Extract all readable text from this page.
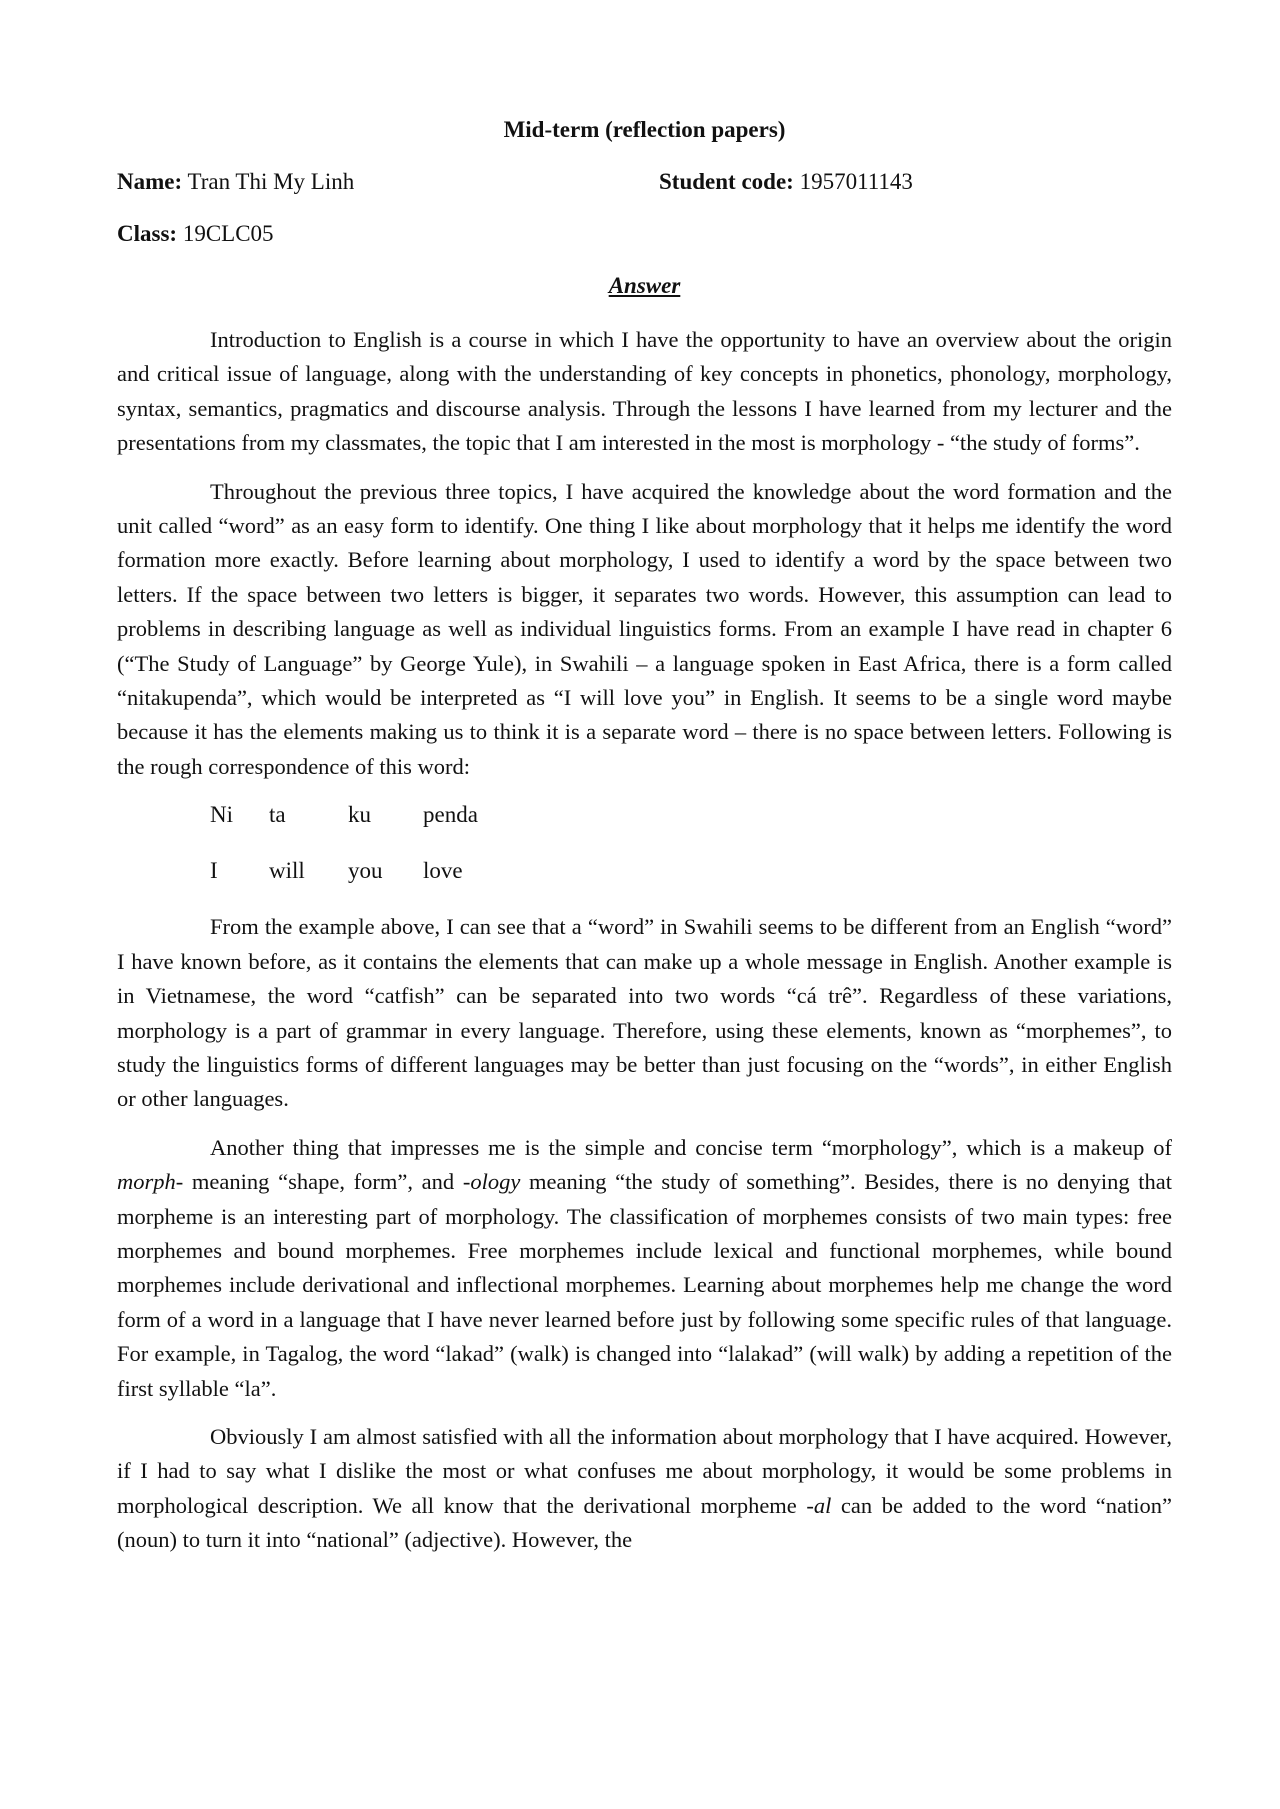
Mid-term (reflection papers)
Name: Tran Thi My Linh	Student code: 1957011143
Class: 19CLC05
Answer

Introduction to English is a course in which I have the opportunity to have an overview about the origin and critical issue of language, along with the understanding of key concepts in phonetics, phonology, morphology, syntax, semantics, pragmatics and discourse analysis. Through the lessons I have learned from my lecturer and the presentations from my classmates, the topic that I am interested in the most is morphology - “the study of forms”.

Throughout the previous three topics, I have acquired the knowledge about the word formation and the unit called “word” as an easy form to identify. One thing I like about morphology that it helps me identify the word formation more exactly. Before learning about morphology, I used to identify a word by the space between two letters. If the space between two letters is bigger, it separates two words. However, this assumption can lead to problems in describing language as well as individual linguistics forms. From an example I have read in chapter 6 (“The Study of Language” by George Yule), in Swahili – a language spoken in East Africa, there is a form called “nitakupenda”, which would be interpreted as “I will love you” in English. It seems to be a single word maybe because it has the elements making us to think it is a separate word – there is no space between letters. Following is the rough correspondence of this word:

Ni	ta	ku	penda
I	will	you	love

From the example above, I can see that a “word” in Swahili seems to be different from an English “word” I have known before, as it contains the elements that can make up a whole message in English. Another example is in Vietnamese, the word “catfish” can be separated into two words “cá trê”. Regardless of these variations, morphology is a part of grammar in every language. Therefore, using these elements, known as “morphemes”, to study the linguistics forms of different languages may be better than just focusing on the “words”, in either English or other languages.

Another thing that impresses me is the simple and concise term “morphology”, which is a makeup of morph- meaning “shape, form”, and -ology meaning “the study of something”. Besides, there is no denying that morpheme is an interesting part of morphology. The classification of morphemes consists of two main types: free morphemes and bound morphemes. Free morphemes include lexical and functional morphemes, while bound morphemes include derivational and inflectional morphemes. Learning about morphemes help me change the word form of a word in a language that I have never learned before just by following some specific rules of that language. For example, in Tagalog, the word “lakad” (walk) is changed into “lalakad” (will walk) by adding a repetition of the first syllable “la”.

Obviously I am almost satisfied with all the information about morphology that I have acquired. However, if I had to say what I dislike the most or what confuses me about morphology, it would be some problems in morphological description. We all know that the derivational morpheme -al can be added to the word “nation” (noun) to turn it into “national” (adjective). However, the
